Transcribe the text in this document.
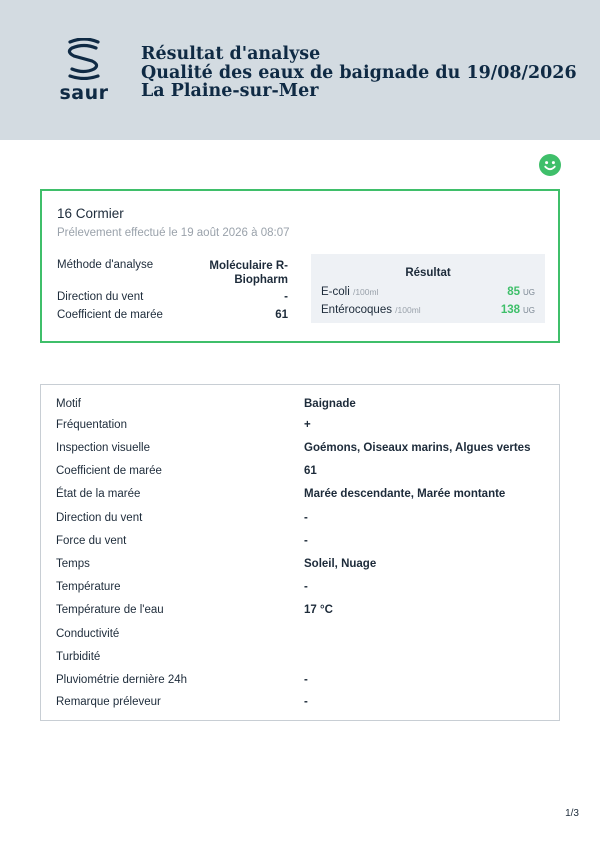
saur
Résultat d'analyse
Qualité des eaux de baignade du 19/08/2026
La Plaine-sur-Mer
16 Cormier
Prélevement effectué le 19 août 2026 à 08:07
Méthode d'analyse	Moléculaire R-Biopharm
Direction du vent	-
Coefficient de marée	61
Résultat
E-coli /100ml	85 UG
Entérocoques /100ml	138 UG
Motif	Baignade
Fréquentation	+
Inspection visuelle	Goémons, Oiseaux marins, Algues vertes
Coefficient de marée	61
État de la marée	Marée descendante, Marée montante
Direction du vent	-
Force du vent	-
Temps	Soleil, Nuage
Température	-
Température de l'eau	17 °C
Conductivité
Turbidité
Pluviométrie dernière 24h	-
Remarque préleveur	-
1/3
